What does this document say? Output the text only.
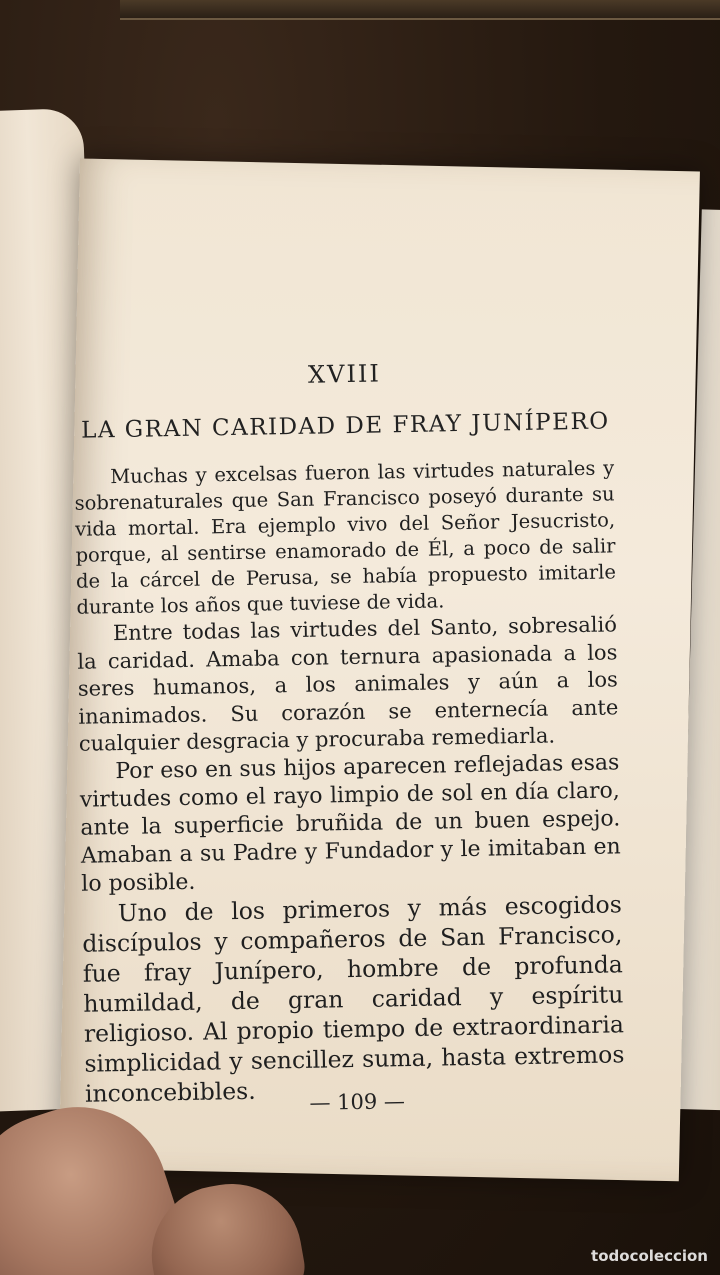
XVIII
LA GRAN CARIDAD DE FRAY JUNÍPERO

Muchas y excelsas fueron las virtudes naturales y sobrenaturales que San Francisco poseyó durante su vida mortal. Era ejemplo vivo del Señor Jesucristo, porque, al sentirse enamorado de Él, a poco de salir de la cárcel de Perusa, se había propuesto imitarle durante los años que tuviese de vida.

Entre todas las virtudes del Santo, sobresalió la caridad. Amaba con ternura apasionada a los seres humanos, a los animales y aún a los inanimados. Su corazón se enternecía ante cualquier desgracia y procuraba remediarla.

Por eso en sus hijos aparecen reflejadas esas virtudes como el rayo limpio de sol en día claro, ante la superficie bruñida de un buen espejo. Amaban a su Padre y Fundador y le imitaban en lo posible.

Uno de los primeros y más escogidos discípulos y compañeros de San Francisco, fue fray Junípero, hombre de profunda humildad, de gran caridad y espíritu religioso. Al propio tiempo de extraordinaria simplicidad y sencillez suma, hasta extremos inconcebibles.	— 109 —
todocoleccion
